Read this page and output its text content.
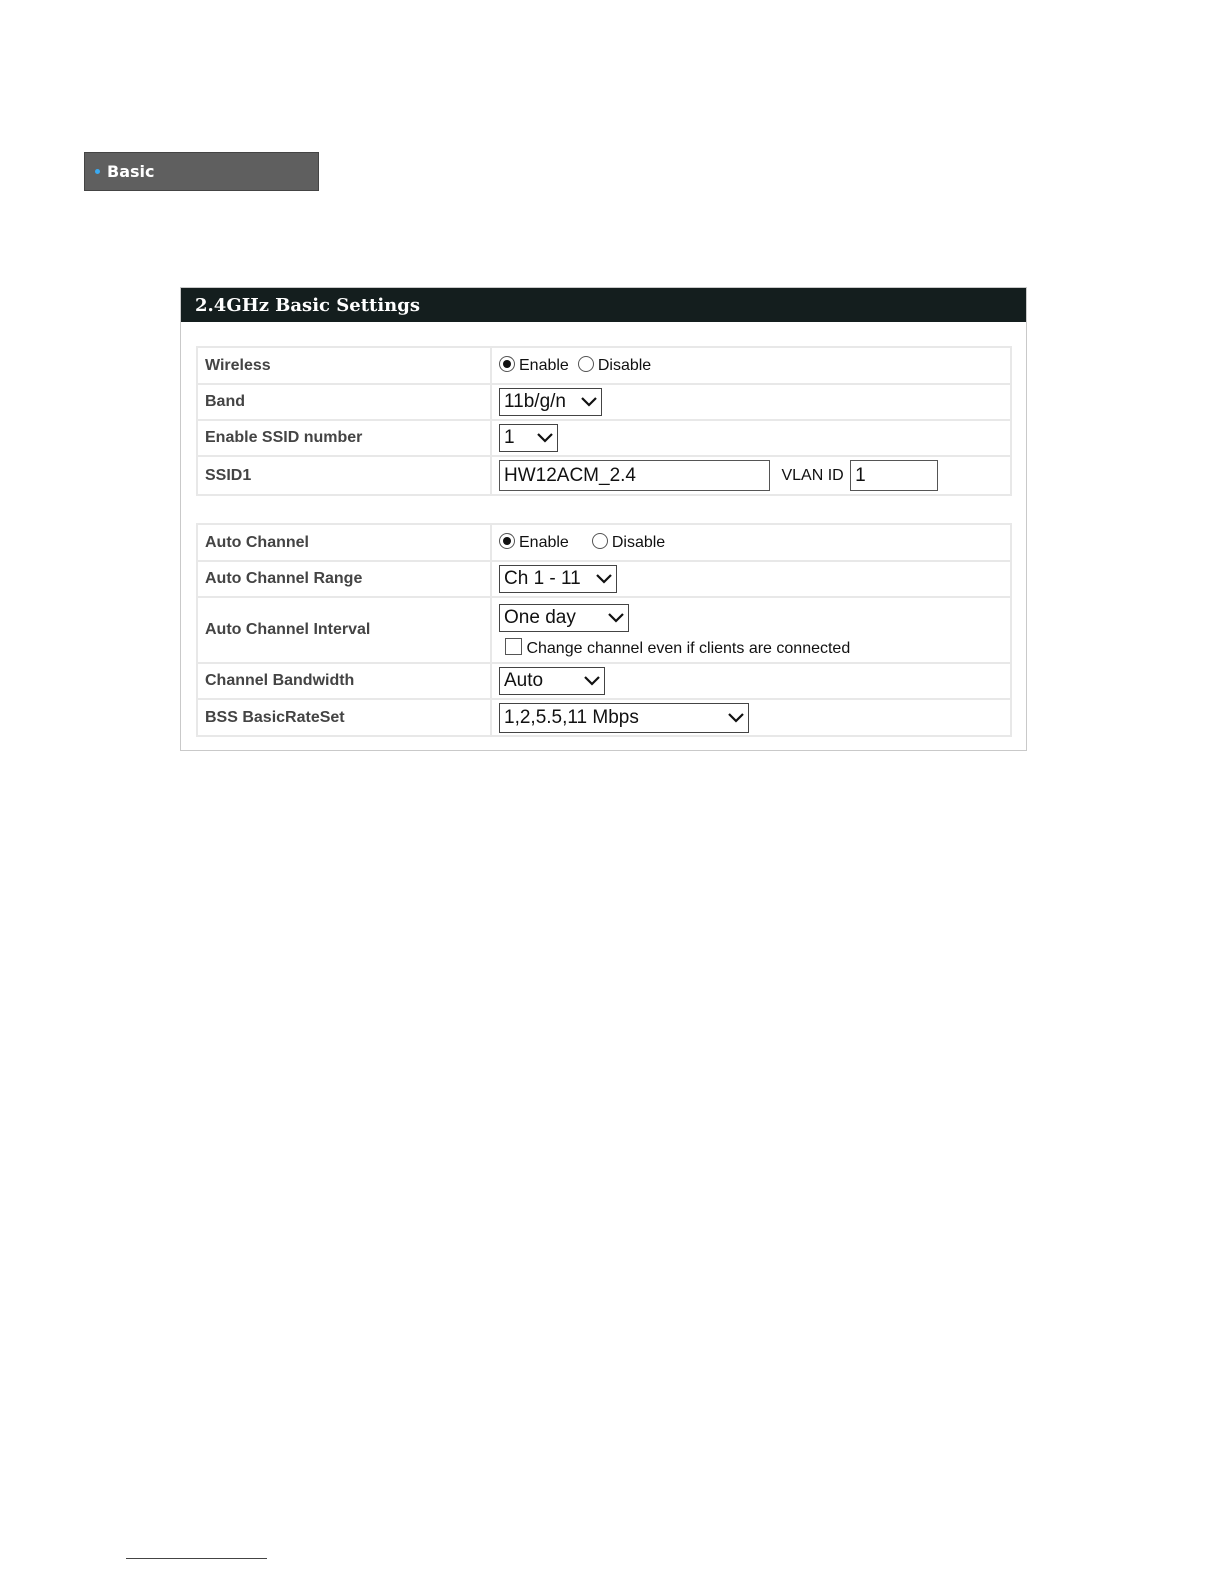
Basic
2.4GHz Basic Settings
Wireless	Enable Disable
Band	11b/g/n

Enable SSID number	1

SSID1	HW12ACM_2.4 VLAN ID 1
Auto Channel	Enable Disable
Auto Channel Range	Ch 1 - 11

Auto Channel Interval	One day
Change channel even if clients are connected

Channel Bandwidth	Auto

BSS BasicRateSet	1,2,5.5,11 Mbps
